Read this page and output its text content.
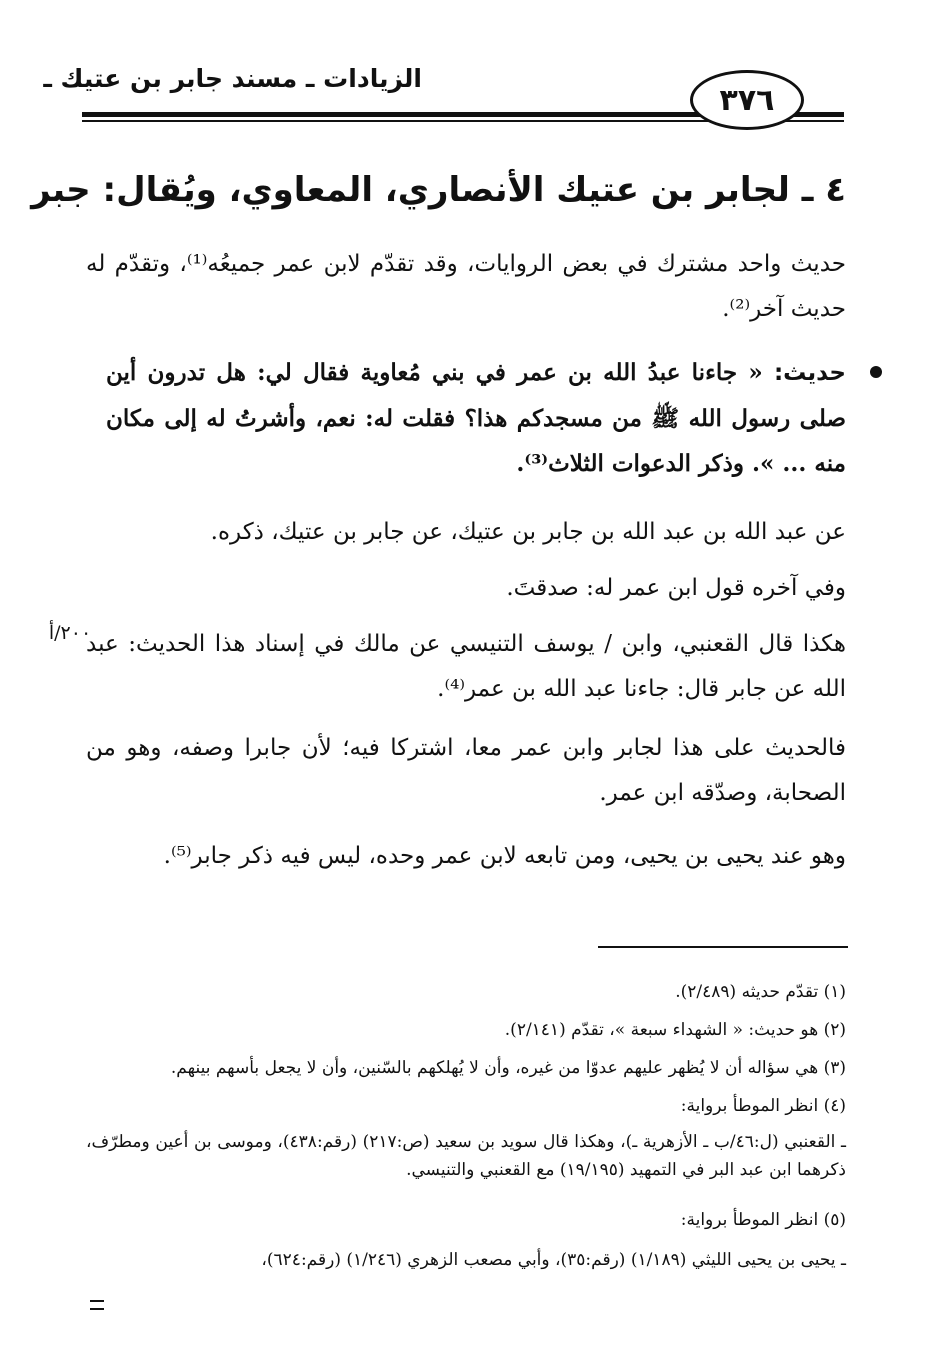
الزيادات ـ مسند جابر بن عتيك ـ
٣٧٦
٤ ـ لجابر بن عتيك الأنصاري، المعاوي، ويُقال: جبر
حديث واحد مشترك في بعض الروايات، وقد تقدّم لابن عمر جميعُه⁽¹⁾، وتقدّم له حديث آخر⁽²⁾.
حديث: « جاءنا عبدُ الله بن عمر في بني مُعاوية فقال لي: هل تدرون أين صلى رسول الله ﷺ من مسجدكم هذا؟ فقلت له: نعم، وأشرتُ له إلى مكان منه ... ». وذكر الدعوات الثلاث⁽³⁾.
عن عبد الله بن عبد الله بن جابر بن عتيك، عن جابر بن عتيك، ذكره.
وفي آخره قول ابن عمر له: صدقتَ.
٢٠٠/أ
هكذا قال القعنبي، وابن / يوسف التنيسي عن مالك في إسناد هذا الحديث: عبد الله عن جابر قال: جاءنا عبد الله بن عمر⁽⁴⁾.
فالحديث على هذا لجابر وابن عمر معا، اشتركا فيه؛ لأن جابرا وصفه، وهو من الصحابة، وصدّقه ابن عمر.
وهو عند يحيى بن يحيى، ومن تابعه لابن عمر وحده، ليس فيه ذكر جابر⁽⁵⁾.
(١) تقدّم حديثه (٢/٤٨٩).
(٢) هو حديث: « الشهداء سبعة »، تقدّم (٢/١٤١).
(٣) هي سؤاله أن لا يُظهر عليهم عدوّا من غيره، وأن لا يُهلكهم بالسّنين، وأن لا يجعل بأسهم بينهم.
(٤) انظر الموطأ برواية:
ـ القعنبي (ل:٤٦/ب ـ الأزهرية ـ)، وهكذا قال سويد بن سعيد (ص:٢١٧) (رقم:٤٣٨)، وموسى بن أعين ومطرّف، ذكرهما ابن عبد البر في التمهيد (١٩/١٩٥) مع القعنبي والتنيسي.
(٥) انظر الموطأ برواية:
ـ يحيى بن يحيى الليثي (١/١٨٩) (رقم:٣٥)، وأبي مصعب الزهري (١/٢٤٦) (رقم:٦٢٤)،
